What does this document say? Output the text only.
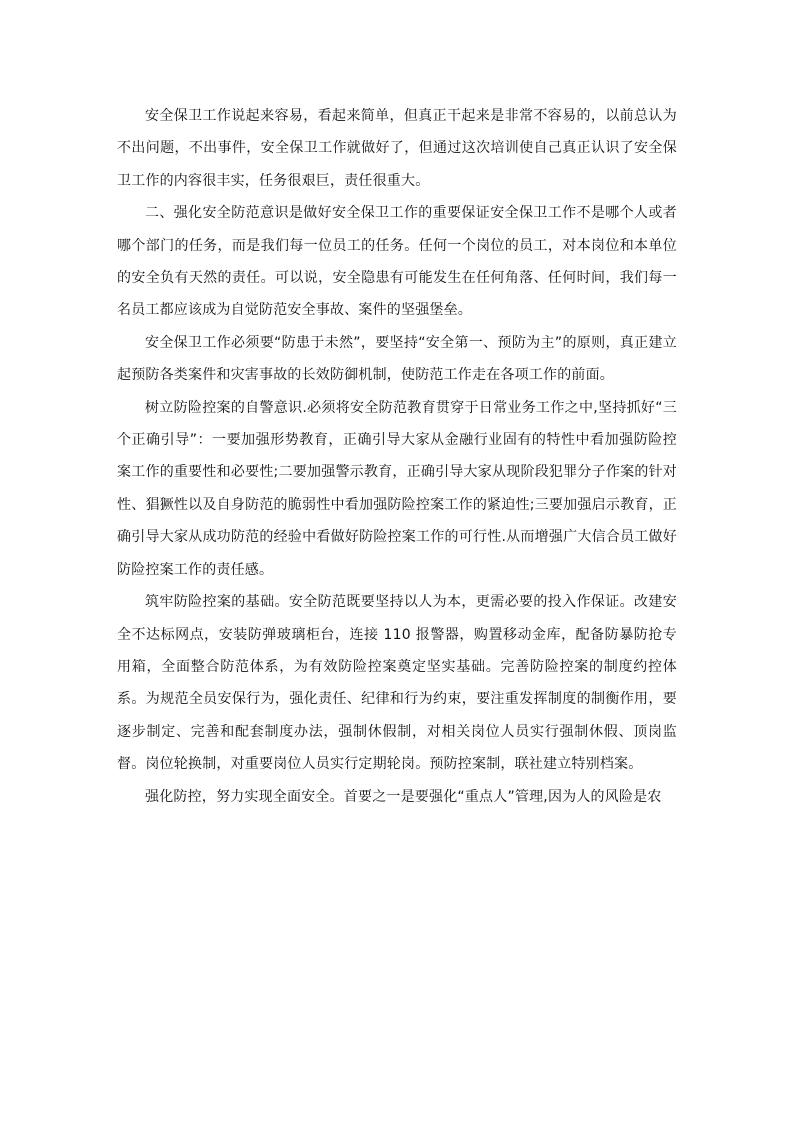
安全保卫工作说起来容易，看起来简单，但真正干起来是非常不容易的，以前总认为不出问题，不出事件，安全保卫工作就做好了，但通过这次培训使自己真正认识了安全保卫工作的内容很丰实，任务很艰巨，责任很重大。

二、强化安全防范意识是做好安全保卫工作的重要保证安全保卫工作不是哪个人或者哪个部门的任务，而是我们每一位员工的任务。任何一个岗位的员工，对本岗位和本单位的安全负有天然的责任。可以说，安全隐患有可能发生在任何角落、任何时间，我们每一名员工都应该成为自觉防范安全事故、案件的坚强堡垒。

安全保卫工作必须要“防患于未然”，要坚持“安全第一、预防为主”的原则，真正建立起预防各类案件和灾害事故的长效防御机制，使防范工作走在各项工作的前面。

树立防险控案的自警意识.必须将安全防范教育贯穿于日常业务工作之中,坚持抓好“三个正确引导”：一要加强形势教育，正确引导大家从金融行业固有的特性中看加强防险控案工作的重要性和必要性;二要加强警示教育，正确引导大家从现阶段犯罪分子作案的针对性、猖獗性以及自身防范的脆弱性中看加强防险控案工作的紧迫性;三要加强启示教育，正确引导大家从成功防范的经验中看做好防险控案工作的可行性.从而增强广大信合员工做好防险控案工作的责任感。

筑牢防险控案的基础。安全防范既要坚持以人为本，更需必要的投入作保证。改建安全不达标网点，安装防弹玻璃柜台，连接 110 报警器，购置移动金库，配备防暴防抢专用箱，全面整合防范体系，为有效防险控案奠定坚实基础。完善防险控案的制度约控体系。为规范全员安保行为，强化责任、纪律和行为约束，要注重发挥制度的制衡作用，要逐步制定、完善和配套制度办法，强制休假制，对相关岗位人员实行强制休假、顶岗监督。岗位轮换制，对重要岗位人员实行定期轮岗。预防控案制，联社建立特别档案。

强化防控，努力实现全面安全。首要之一是要强化“重点人”管理,因为人的风险是农
